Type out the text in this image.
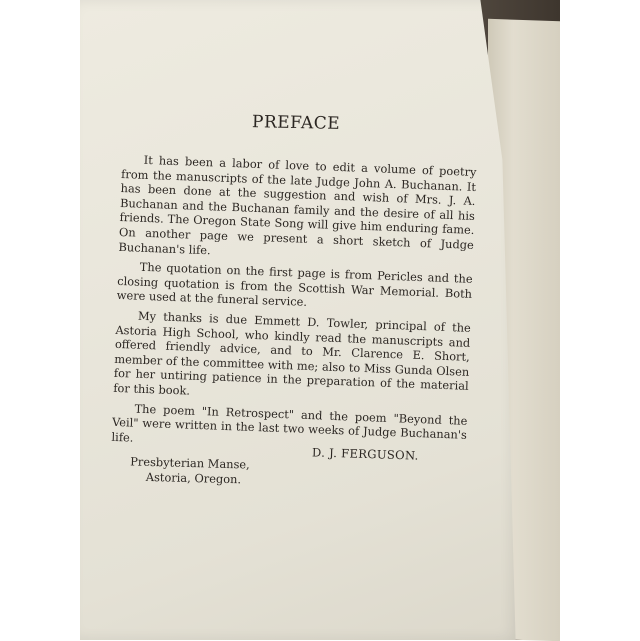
PREFACE

It has been a labor of love to edit a volume of poetry from the manuscripts of the late Judge John A. Buchanan. It has been done at the suggestion and wish of Mrs. J. A. Buchanan and the Buchanan family and the desire of all his friends. The Oregon State Song will give him enduring fame. On another page we present a short sketch of Judge Buchanan's life.

The quotation on the first page is from Pericles and the closing quotation is from the Scottish War Memorial. Both were used at the funeral service.

My thanks is due Emmett D. Towler, principal of the Astoria High School, who kindly read the manuscripts and offered friendly advice, and to Mr. Clarence E. Short, member of the committee with me; also to Miss Gunda Olsen for her untiring patience in the preparation of the material for this book.

The poem "In Retrospect" and the poem "Beyond the Veil" were written in the last two weeks of Judge Buchanan's life.

D. J. FERGUSON.
Presbyterian Manse,
Astoria, Oregon.
